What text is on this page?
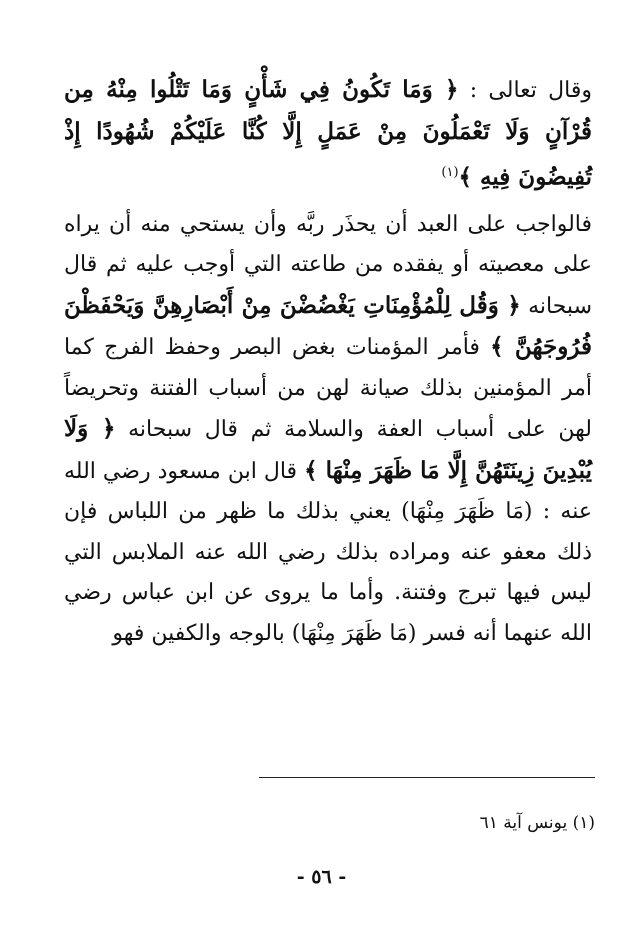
وقال تعالى : ﴿ وَمَا تَكُونُ فِي شَأْنٍ وَمَا تَتْلُوا مِنْهُ مِن قُرْآنٍ وَلَا تَعْمَلُونَ مِنْ عَمَلٍ إِلَّا كُنَّا عَلَيْكُمْ شُهُودًا إِذْ تُفِيضُونَ فِيهِ ﴾$^{(١)}$

فالواجب على العبد أن يحذَر ربَّه وأن يستحي منه أن يراه على معصيته أو يفقده من طاعته التي أوجب عليه ثم قال سبحانه ﴿ وَقُل لِلْمُؤْمِنَاتِ يَغْضُضْنَ مِنْ أَبْصَارِهِنَّ وَيَحْفَظْنَ فُرُوجَهُنَّ ﴾ فأمر المؤمنات بغض البصر وحفظ الفرج كما أمر المؤمنين بذلك صيانة لهن من أسباب الفتنة وتحريضاً لهن على أسباب العفة والسلامة ثم قال سبحانه ﴿ وَلَا يُبْدِينَ زِينَتَهُنَّ إِلَّا مَا ظَهَرَ مِنْهَا ﴾ قال ابن مسعود رضي الله عنه : (مَا ظَهَرَ مِنْهَا) يعني بذلك ما ظهر من اللباس فإن ذلك معفو عنه ومراده بذلك رضي الله عنه الملابس التي ليس فيها تبرج وفتنة. وأما ما يروى عن ابن عباس رضي الله عنهما أنه فسر (مَا ظَهَرَ مِنْهَا) بالوجه والكفين فهو

(١) يونس آية ٦١
- ٥٦ -
